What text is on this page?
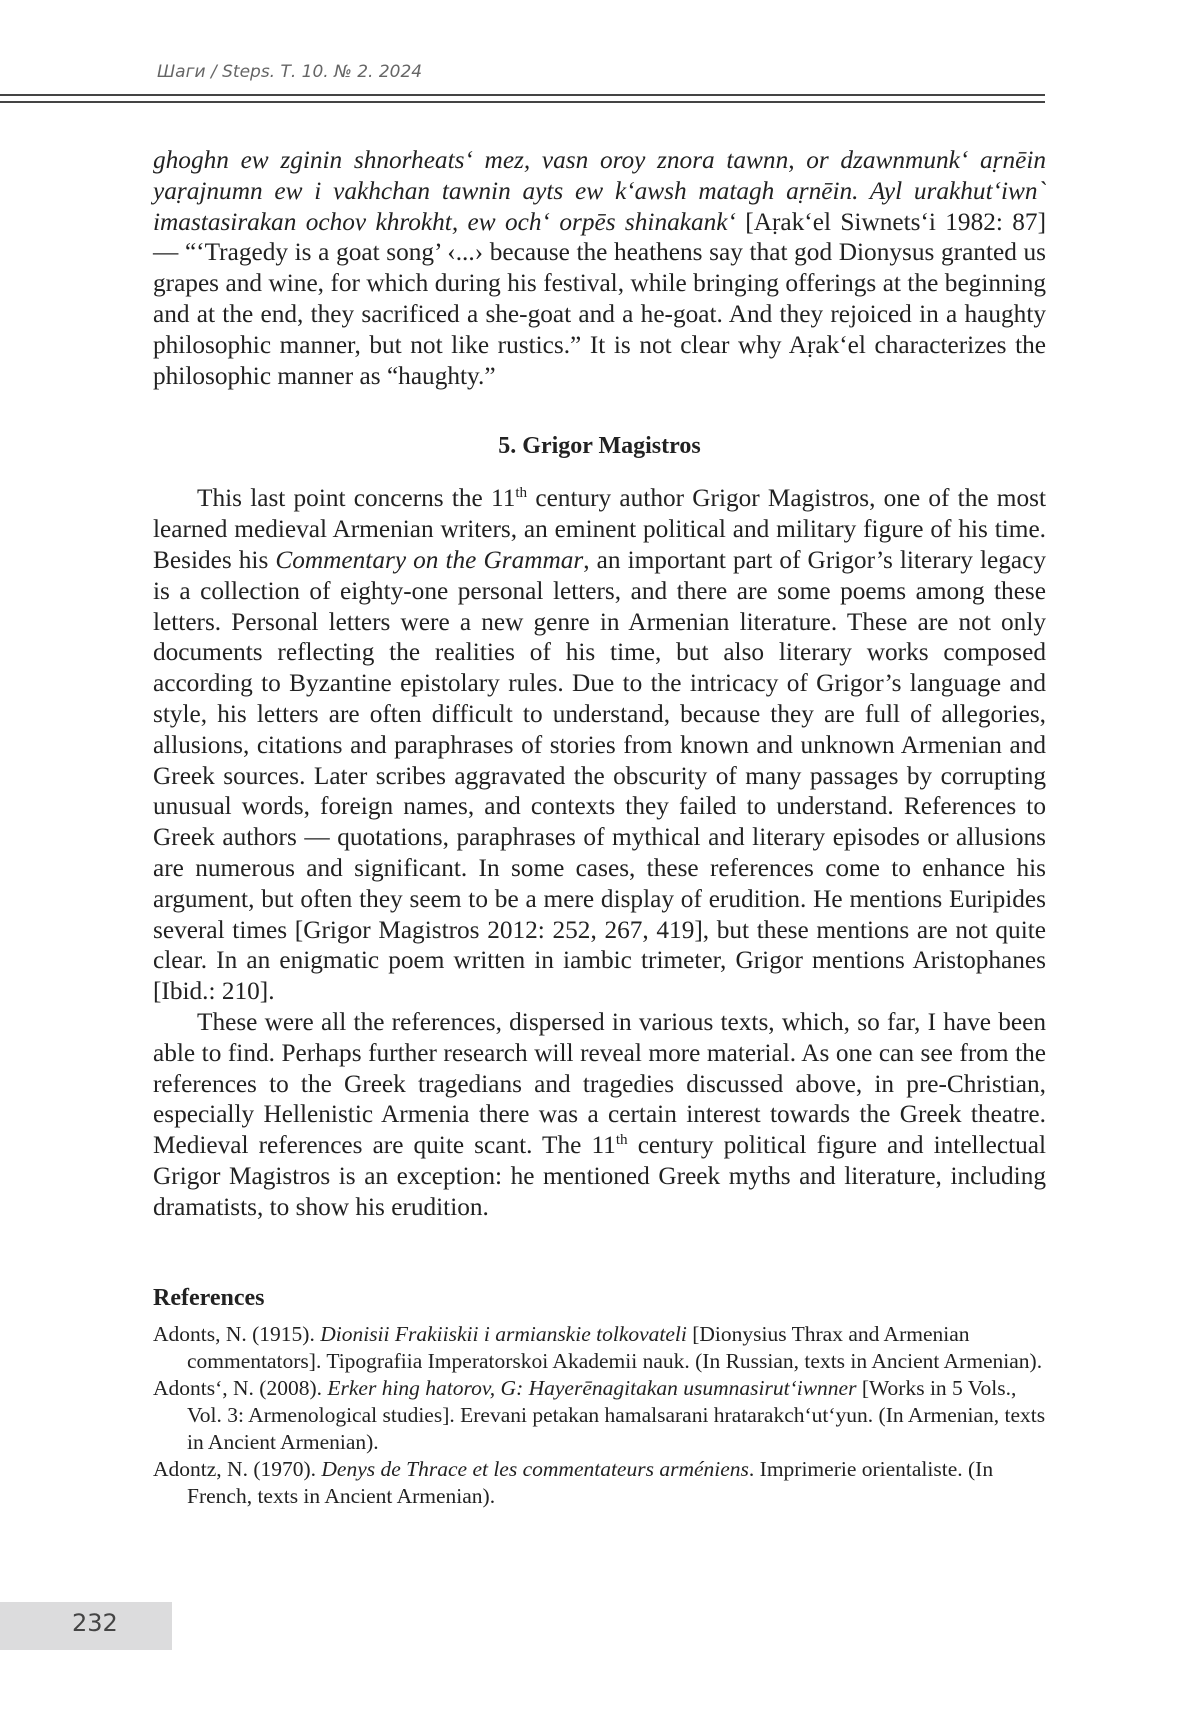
Шаги / Steps. Т. 10. № 2. 2024

ghoghn ew zginin shnorheats‘ mez, vasn oroy znora tawnn, or dzawnmunk‘ aṛnēin yaṛajnumn ew i vakhchan tawnin ayts ew k‘awsh matagh aṛnēin. Ayl urakhut‘iwn` imastasirakan ochov khrokht, ew och‘ orpēs shinakank‘ [Aṛak‘el Siwnets‘i 1982: 87] — “‘Tragedy is a goat song’ ‹...› because the heathens say that god Dionysus granted us grapes and wine, for which during his festival, while bringing offerings at the beginning and at the end, they sacrificed a she-goat and a he-goat. And they rejoiced in a haughty philosophic manner, but not like rustics.” It is not clear why Aṛak‘el characterizes the philosophic manner as “haughty.”

5. Grigor Magistros

This last point concerns the 11th century author Grigor Magistros, one of the most learned medieval Armenian writers, an eminent political and military figure of his time. Besides his Commentary on the Grammar, an important part of Grigor’s literary legacy is a collection of eighty-one personal letters, and there are some poems among these letters. Personal letters were a new genre in Armenian literature. These are not only documents reflecting the realities of his time, but also literary works composed according to Byzantine epistolary rules. Due to the intricacy of Grigor’s language and style, his letters are often difficult to understand, because they are full of allegories, allusions, citations and paraphrases of stories from known and unknown Armenian and Greek sources. Later scribes aggravated the obscurity of many passages by corrupting unusual words, foreign names, and contexts they failed to understand. References to Greek authors — quotations, paraphrases of mythical and literary episodes or allusions are numerous and significant. In some cases, these references come to enhance his argument, but often they seem to be a mere display of erudition. He mentions Euripides several times [Grigor Magistros 2012: 252, 267, 419], but these mentions are not quite clear. In an enigmatic poem written in iambic trimeter, Grigor mentions Aristophanes [Ibid.: 210].

These were all the references, dispersed in various texts, which, so far, I have been able to find. Perhaps further research will reveal more material. As one can see from the references to the Greek tragedians and tragedies discussed above, in pre-Christian, especially Hellenistic Armenia there was a certain interest towards the Greek theatre. Medieval references are quite scant. The 11th century political figure and intellectual Grigor Magistros is an exception: he mentioned Greek myths and literature, including dramatists, to show his erudition.

References

Adonts, N. (1915). Dionisii Frakiiskii i armianskie tolkovateli [Dionysius Thrax and Armenian commentators]. Tipografiia Imperatorskoi Akademii nauk. (In Russian, texts in Ancient Armenian).

Adonts‘, N. (2008). Erker hing hatorov, G: Hayerēnagitakan usumnasirut‘iwnner [Works in 5 Vols., Vol. 3: Armenological studies]. Erevani petakan hamalsarani hratarakch‘ut‘yun. (In Armenian, texts in Ancient Armenian).

Adontz, N. (1970). Denys de Thrace et les commentateurs arméniens. Imprimerie orientaliste. (In French, texts in Ancient Armenian).

232
